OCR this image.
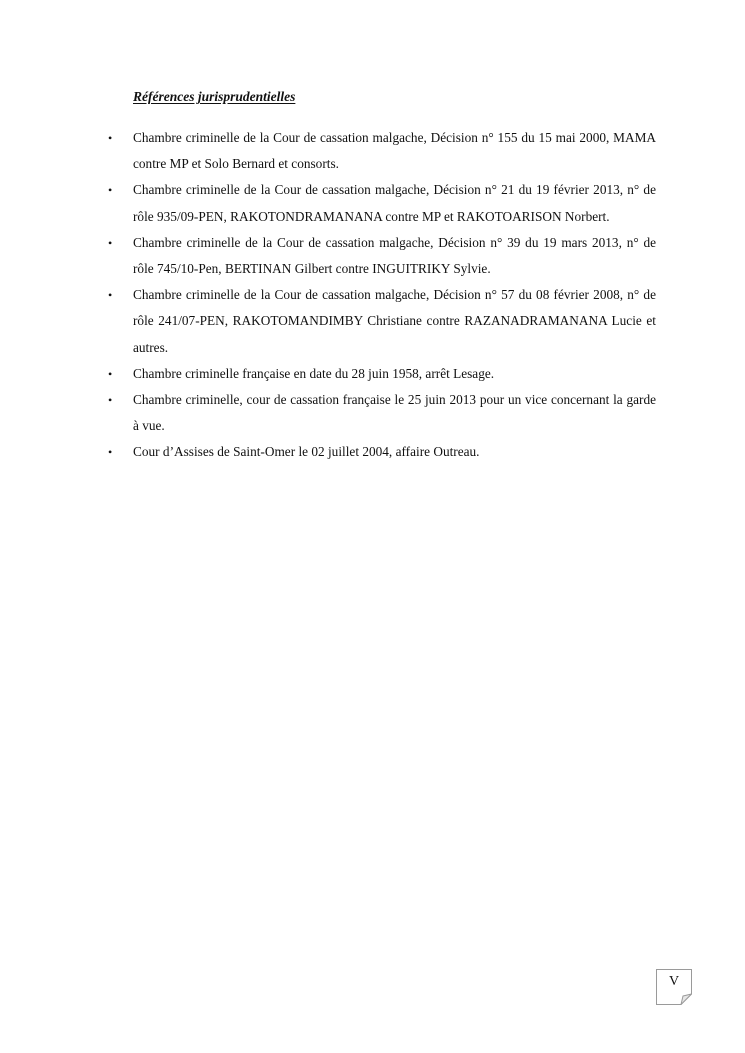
Références jurisprudentielles
•	Chambre criminelle de la Cour de cassation malgache, Décision n° 155 du 15 mai 2000, MAMA contre MP et Solo Bernard et consorts.
•	Chambre criminelle de la Cour de cassation malgache, Décision n° 21 du 19 février 2013, n° de rôle 935/09-PEN, RAKOTONDRAMANANA contre MP et RAKOTOARISON Norbert.
•	Chambre criminelle de la Cour de cassation malgache, Décision n° 39 du 19 mars 2013, n° de rôle 745/10-Pen, BERTINAN Gilbert contre INGUITRIKY Sylvie.
•	Chambre criminelle de la Cour de cassation malgache, Décision n° 57 du 08 février 2008, n° de rôle 241/07-PEN, RAKOTOMANDIMBY Christiane contre RAZANADRAMANANA Lucie et autres.
•	Chambre criminelle française en date du 28 juin 1958, arrêt Lesage.
•	Chambre criminelle, cour de cassation française le 25 juin 2013 pour un vice concernant la garde à vue.
•	Cour d’Assises de Saint-Omer le 02 juillet 2004, affaire Outreau.
V
